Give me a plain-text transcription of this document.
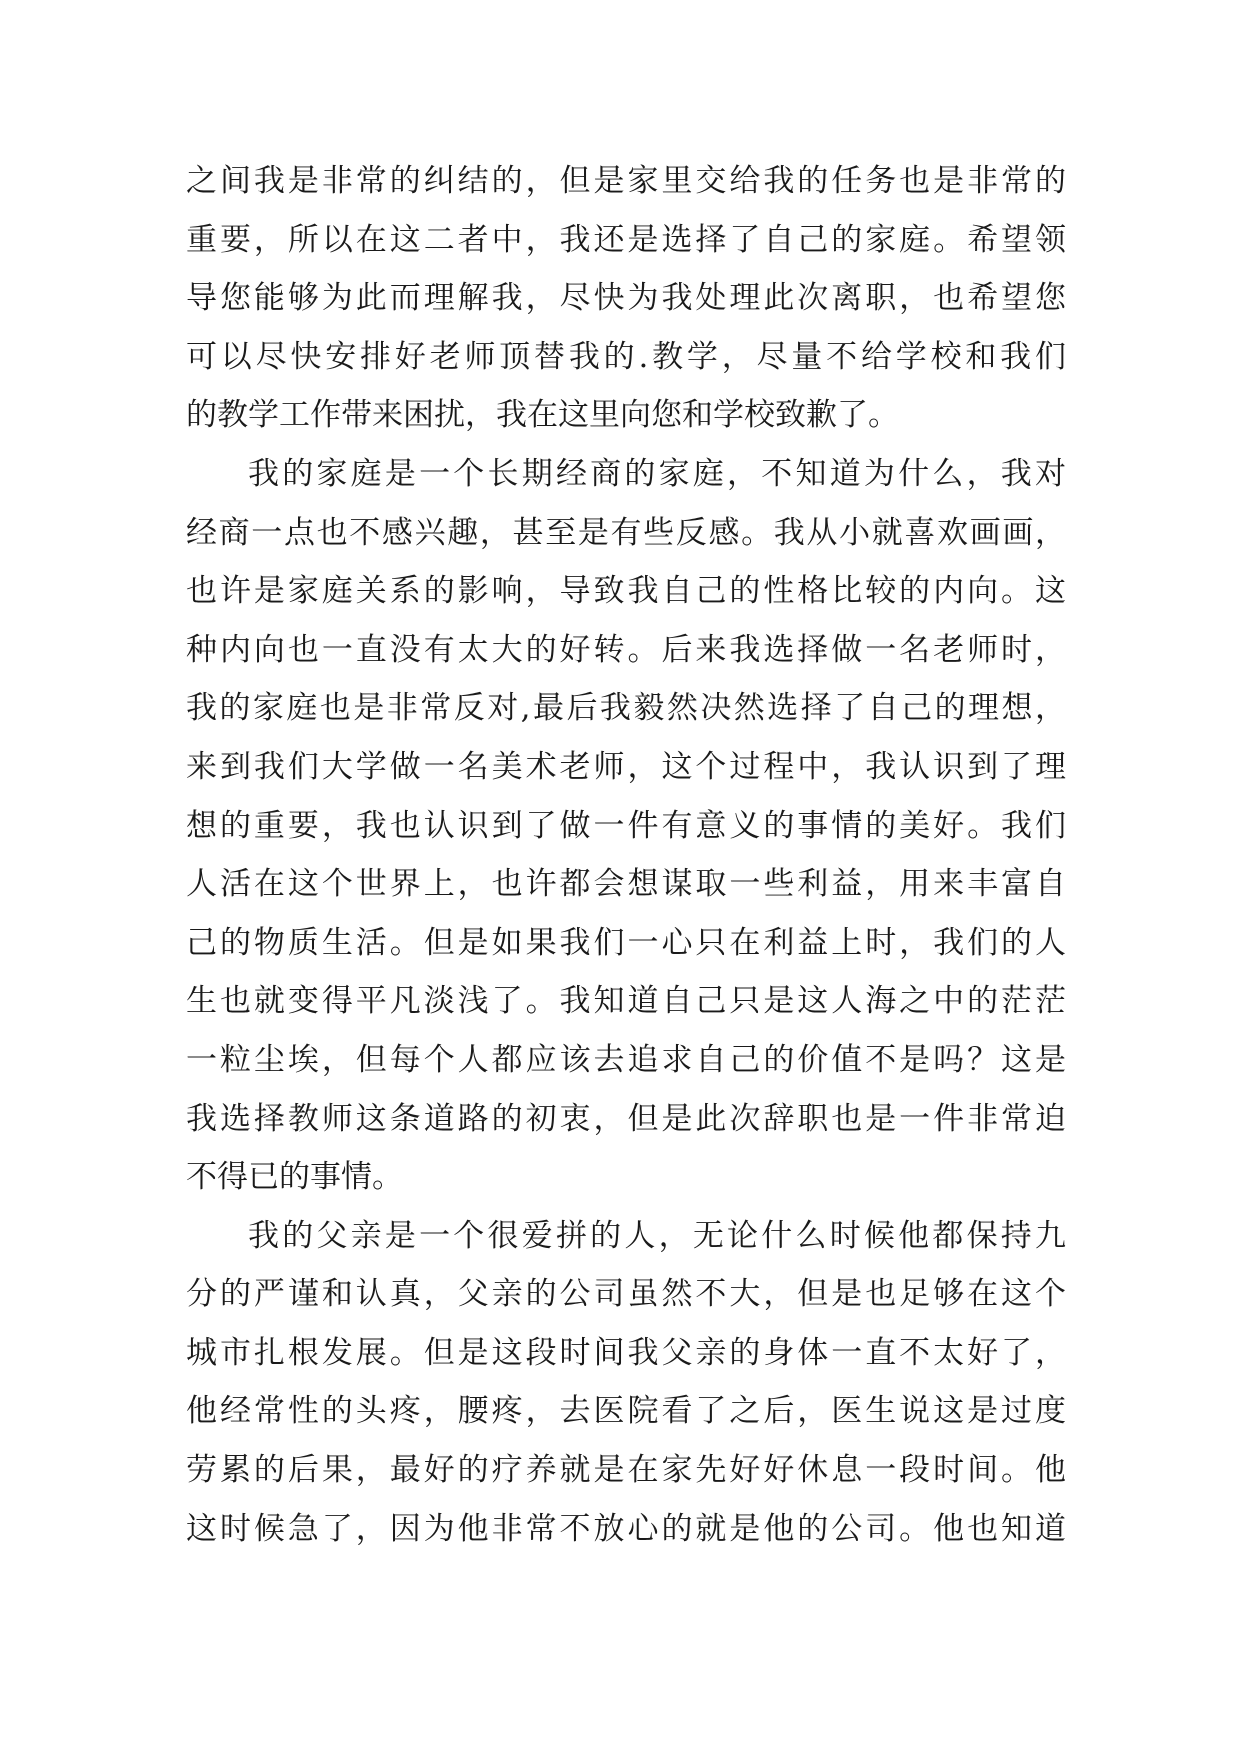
之间我是非常的纠结的，但是家里交给我的任务也是非常的
重要，所以在这二者中，我还是选择了自己的家庭。希望领
导您能够为此而理解我，尽快为我处理此次离职，也希望您
可以尽快安排好老师顶替我的.教学，尽量不给学校和我们
的教学工作带来困扰，我在这里向您和学校致歉了。
我的家庭是一个长期经商的家庭，不知道为什么，我对
经商一点也不感兴趣，甚至是有些反感。我从小就喜欢画画，
也许是家庭关系的影响，导致我自己的性格比较的内向。这
种内向也一直没有太大的好转。后来我选择做一名老师时，
我的家庭也是非常反对,最后我毅然决然选择了自己的理想，
来到我们大学做一名美术老师，这个过程中，我认识到了理
想的重要，我也认识到了做一件有意义的事情的美好。我们
人活在这个世界上，也许都会想谋取一些利益，用来丰富自
己的物质生活。但是如果我们一心只在利益上时，我们的人
生也就变得平凡淡浅了。我知道自己只是这人海之中的茫茫
一粒尘埃，但每个人都应该去追求自己的价值不是吗？这是
我选择教师这条道路的初衷，但是此次辞职也是一件非常迫
不得已的事情。
我的父亲是一个很爱拼的人，无论什么时候他都保持九
分的严谨和认真，父亲的公司虽然不大，但是也足够在这个
城市扎根发展。但是这段时间我父亲的身体一直不太好了，
他经常性的头疼，腰疼，去医院看了之后，医生说这是过度
劳累的后果，最好的疗养就是在家先好好休息一段时间。他
这时候急了，因为他非常不放心的就是他的公司。他也知道
